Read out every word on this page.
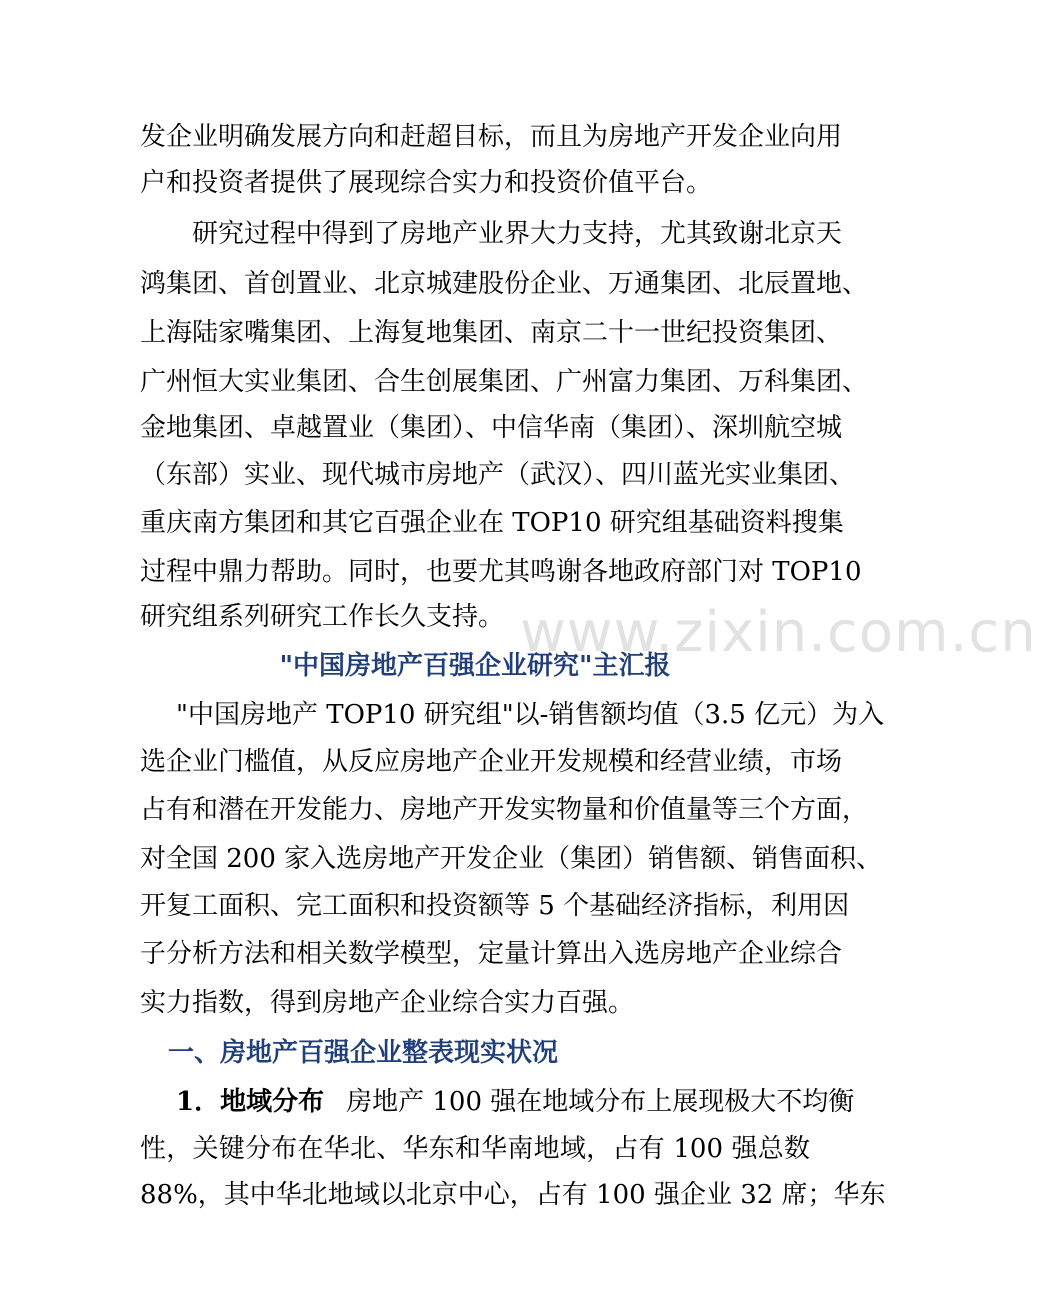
发企业明确发展方向和赶超目标，而且为房地产开发企业向用
户和投资者提供了展现综合实力和投资价值平台。
研究过程中得到了房地产业界大力支持，尤其致谢北京天
鸿集团、首创置业、北京城建股份企业、万通集团、北辰置地、
上海陆家嘴集团、上海复地集团、南京二十一世纪投资集团、
广州恒大实业集团、合生创展集团、广州富力集团、万科集团、
金地集团、卓越置业（集团）、中信华南（集团）、深圳航空城
（东部）实业、现代城市房地产（武汉）、四川蓝光实业集团、
重庆南方集团和其它百强企业在 TOP10 研究组基础资料搜集
过程中鼎力帮助。同时，也要尤其鸣谢各地政府部门对 TOP10
研究组系列研究工作长久支持。
"中国房地产百强企业研究"主汇报
"中国房地产 TOP10 研究组"以-销售额均值（3.5 亿元）为入
选企业门槛值，从反应房地产企业开发规模和经营业绩，市场
占有和潜在开发能力、房地产开发实物量和价值量等三个方面，
对全国 200 家入选房地产开发企业（集团）销售额、销售面积、
开复工面积、完工面积和投资额等 5 个基础经济指标，利用因
子分析方法和相关数学模型，定量计算出入选房地产企业综合
实力指数，得到房地产企业综合实力百强。
一、房地产百强企业整表现实状况
1．地域分布 房地产 100 强在地域分布上展现极大不均衡
性，关键分布在华北、华东和华南地域，占有 100 强总数
88%，其中华北地域以北京中心，占有 100 强企业 32 席；华东
www.zixin.com.cn
